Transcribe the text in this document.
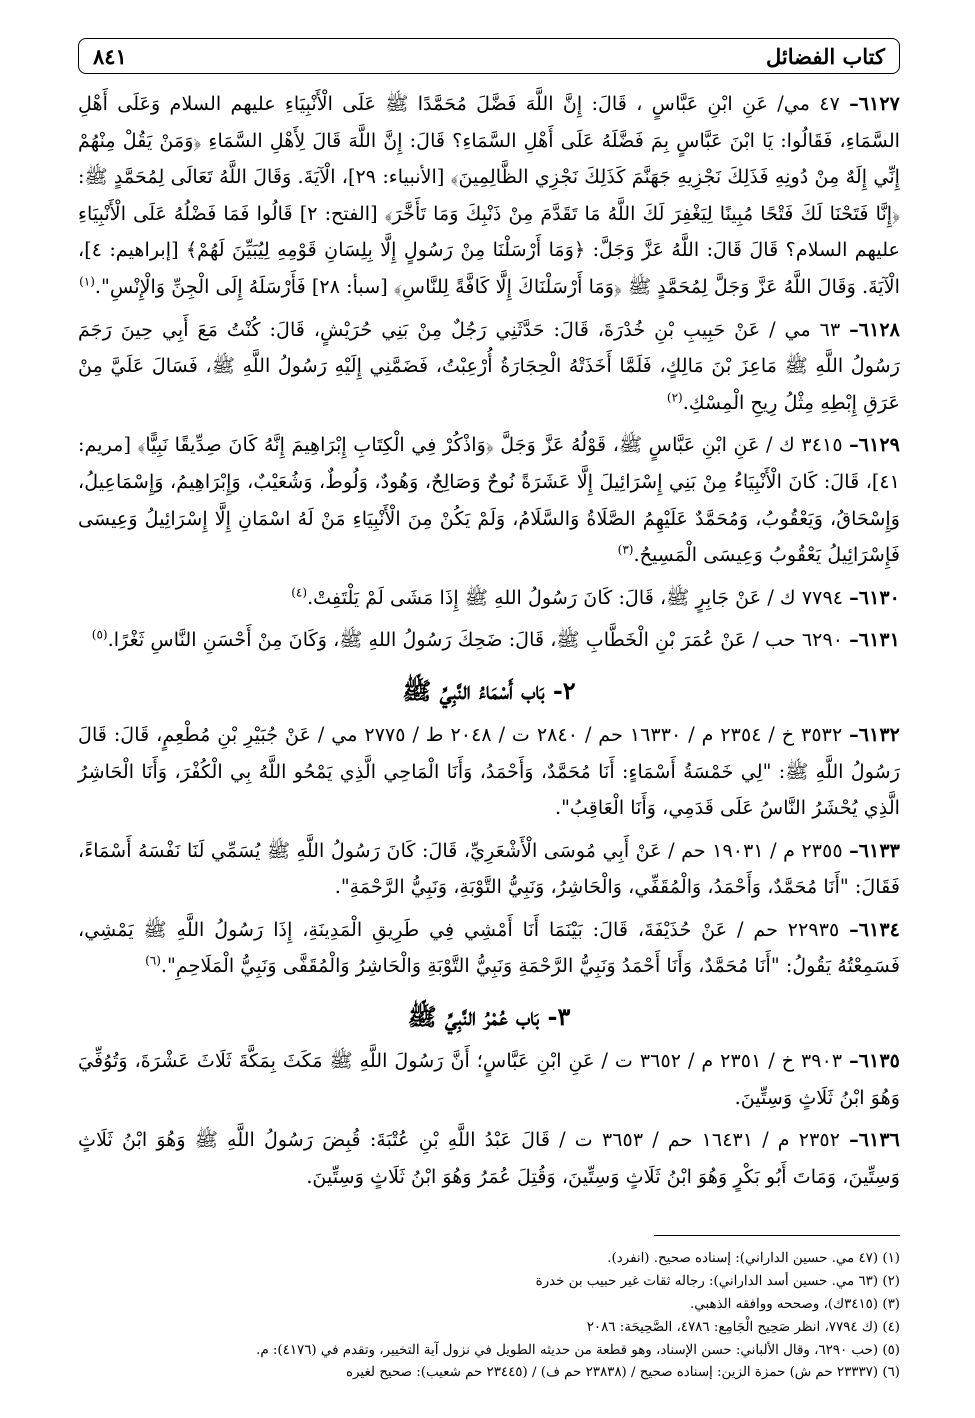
كتاب الفضائل
٨٤١

٦١٢٧– ٤٧ مي/ عَنِ ابْنِ عَبَّاسٍ ، قَالَ: إِنَّ اللَّهَ فَضَّلَ مُحَمَّدًا ﷺ عَلَى الْأَنْبِيَاءِ عليهم السلام وَعَلَى أَهْلِ السَّمَاءِ، فَقَالُوا: يَا ابْنَ عَبَّاسٍ بِمَ فَضَّلَهُ عَلَى أَهْلِ السَّمَاءِ؟ قَالَ: إِنَّ اللَّهَ قَالَ لِأَهْلِ السَّمَاءِ ﴿وَمَنْ يَقُلْ مِنْهُمْ إِنِّي إِلَهٌ مِنْ دُونِهِ فَذَلِكَ نَجْزِيهِ جَهَنَّمَ كَذَلِكَ نَجْزِي الظَّالِمِينَ﴾ [الأنبياء: ٢٩]، الْآيَةَ. وَقَالَ اللَّهُ تَعَالَى لِمُحَمَّدٍ ﷺ: ﴿إِنَّا فَتَحْنَا لَكَ فَتْحًا مُبِينًا لِيَغْفِرَ لَكَ اللَّهُ مَا تَقَدَّمَ مِنْ ذَنْبِكَ وَمَا تَأَخَّرَ﴾ [الفتح: ٢] قَالُوا فَمَا فَضْلُهُ عَلَى الْأَنْبِيَاءِ عليهم السلام؟ قَالَ قَالَ: اللَّهُ عَزَّ وَجَلَّ: ﴿وَمَا أَرْسَلْنَا مِنْ رَسُولٍ إِلَّا بِلِسَانِ قَوْمِهِ لِيُبَيِّنَ لَهُمْ﴾ [إبراهيم: ٤]، الْآيَةَ. وَقَالَ اللَّهُ عَزَّ وَجَلَّ لِمُحَمَّدٍ ﷺ ﴿وَمَا أَرْسَلْنَاكَ إِلَّا كَافَّةً لِلنَّاسِ﴾ [سبأ: ٢٨] فَأَرْسَلَهُ إِلَى الْجِنِّ وَالْإِنْسِ".$^{(١)}$

٦١٢٨– ٦٣ مي / عَنْ حَبِيبِ بْنِ خُدْرَةَ، قَالَ: حَدَّثَنِي رَجُلٌ مِنْ بَنِي حُرَيْشٍ، قَالَ: كُنْتُ مَعَ أَبِي حِينَ رَجَمَ رَسُولُ اللَّهِ ﷺ مَاعِزَ بْنَ مَالِكٍ، فَلَمَّا أَخَذَتْهُ الْحِجَارَةُ أُرْعِبْتُ، فَضَمَّنِي إِلَيْهِ رَسُولُ اللَّهِ ﷺ، فَسَالَ عَلَيَّ مِنْ عَرَقِ إِبْطِهِ مِثْلُ رِيحِ الْمِسْكِ.$^{(٢)}$

٦١٢٩– ٣٤١٥ ك / عَنِ ابْنِ عَبَّاسٍ ﷺ، قَوْلُهُ عَزَّ وَجَلَّ ﴿وَاذْكُرْ فِي الْكِتَابِ إِبْرَاهِيمَ إِنَّهُ كَانَ صِدِّيقًا نَبِيًّا﴾ [مريم: ٤١]، قَالَ: كَانَ الْأَنْبِيَاءُ مِنْ بَنِي إِسْرَائِيلَ إِلَّا عَشَرَةً نُوحٌ وَصَالِحٌ، وَهُودٌ، وَلُوطٌ، وَشُعَيْبٌ، وَإِبْرَاهِيمُ، وَإِسْمَاعِيلُ، وَإِسْحَاقُ، وَيَعْقُوبُ، وَمُحَمَّدٌ عَلَيْهِمُ الصَّلَاةُ وَالسَّلَامُ، وَلَمْ يَكُنْ مِنَ الْأَنْبِيَاءِ مَنْ لَهُ اسْمَانِ إِلَّا إِسْرَائِيلُ وَعِيسَى فَإِسْرَائِيلُ يَعْقُوبُ وَعِيسَى الْمَسِيحُ.$^{(٣)}$

٦١٣٠– ٧٧٩٤ ك / عَنْ جَابِرٍ ﷺ، قَالَ: كَانَ رَسُولُ اللهِ ﷺ إِذَا مَشَى لَمْ يَلْتَفِتْ.$^{(٤)}$

٦١٣١– ٦٢٩٠ حب / عَنْ عُمَرَ بْنِ الْخَطَّابِ ﷺ، قَالَ: ضَحِكَ رَسُولُ اللهِ ﷺ، وَكَانَ مِنْ أَحْسَنِ النَّاسِ ثَغْرًا.$^{(٥)}$

٢- بَاب أَسْمَاءُ النَّبِيِّ ﷺ

٦١٣٢– ٣٥٣٢ خ / ٢٣٥٤ م / ١٦٣٣٠ حم / ٢٨٤٠ ت / ٢٠٤٨ ط / ٢٧٧٥ مي / عَنْ جُبَيْرِ بْنِ مُطْعِمٍ، قَالَ: قَالَ رَسُولُ اللَّهِ ﷺ: "لِي خَمْسَةُ أَسْمَاءٍ: أَنَا مُحَمَّدٌ، وَأَحْمَدُ، وَأَنَا الْمَاحِي الَّذِي يَمْحُو اللَّهُ بِي الْكُفْرَ، وَأَنَا الْحَاشِرُ الَّذِي يُحْشَرُ النَّاسُ عَلَى قَدَمِي، وَأَنَا الْعَاقِبُ".

٦١٣٣– ٢٣٥٥ م / ١٩٠٣١ حم / عَنْ أَبِي مُوسَى الْأَشْعَرِيِّ، قَالَ: كَانَ رَسُولُ اللَّهِ ﷺ يُسَمِّي لَنَا نَفْسَهُ أَسْمَاءً، فَقَالَ: "أَنَا مُحَمَّدٌ، وَأَحْمَدُ، وَالْمُقَفِّي، وَالْحَاشِرُ، وَنَبِيُّ التَّوْبَةِ، وَنَبِيُّ الرَّحْمَةِ".

٦١٣٤– ٢٢٩٣٥ حم / عَنْ حُذَيْفَةَ، قَالَ: بَيْنَمَا أَنَا أَمْشِي فِي طَرِيقِ الْمَدِينَةِ، إِذَا رَسُولُ اللَّهِ ﷺ يَمْشِي، فَسَمِعْتُهُ يَقُولُ: "أَنَا مُحَمَّدٌ، وَأَنَا أَحْمَدُ وَنَبِيُّ الرَّحْمَةِ وَنَبِيُّ التَّوْبَةِ وَالْحَاشِرُ وَالْمُقَفَّى وَنَبِيُّ الْمَلَاحِمِ".$^{(٦)}$

٣- بَاب عُمْرُ النَّبِيِّ ﷺ

٦١٣٥– ٣٩٠٣ خ / ٢٣٥١ م / ٣٦٥٢ ت / عَنِ ابْنِ عَبَّاسٍ؛ أَنَّ رَسُولَ اللَّهِ ﷺ مَكَثَ بِمَكَّةَ ثَلَاثَ عَشْرَةَ، وَتُوُفِّيَ وَهُوَ ابْنُ ثَلَاثٍ وَسِتِّينَ.

٦١٣٦– ٢٣٥٢ م / ١٦٤٣١ حم / ٣٦٥٣ ت / قَالَ عَبْدُ اللَّهِ بْنِ عُتْبَةَ: قُبِضَ رَسُولُ اللَّهِ ﷺ وَهُوَ ابْنُ ثَلَاثٍ وَسِتِّينَ، وَمَاتَ أَبُو بَكْرٍ وَهُوَ ابْنُ ثَلَاثٍ وَسِتِّينَ، وَقُتِلَ عُمَرُ وَهُوَ ابْنُ ثَلَاثٍ وَسِتِّينَ.

(١) (٤٧ مي. حسين الداراني): إسناده صحيح. (انفرد).

(٢) (٦٣ مي. حسين أسد الداراني): رجاله ثقات غير حبيب بن خدرة

(٣) (٣٤١٥ك)، وصححه ووافقه الذهبي.

(٤) (ك ٧٧٩٤، انظر صَحِيح الْجَامِع: ٤٧٨٦، الصَّحِيحَة: ٢٠٨٦

(٥) (حب ٦٢٩٠، وقال الألباني: حسن الإسناد، وهو قطعة من حديثه الطويل في نزول آية التخيير، وتقدم في (٤١٧٦): م.

(٦) (٢٣٣٣٧ حم ش) حمزة الزين: إسناده صحيح / (٢٣٨٣٨ حم ف) / (٢٣٤٤٥ حم شعيب): صحيح لغيره
